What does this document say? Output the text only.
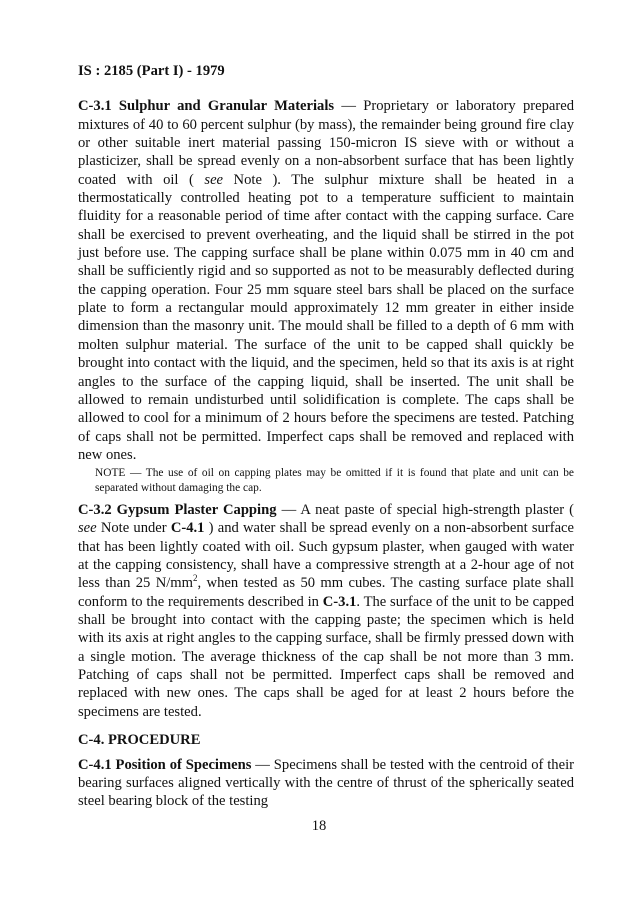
IS : 2185 (Part I) - 1979

C-3.1 Sulphur and Granular Materials — Proprietary or laboratory prepared mixtures of 40 to 60 percent sulphur (by mass), the remainder being ground fire clay or other suitable inert material passing 150-micron IS sieve with or without a plasticizer, shall be spread evenly on a non-absorbent surface that has been lightly coated with oil ( see Note ). The sulphur mixture shall be heated in a thermostatically controlled heating pot to a temperature sufficient to maintain fluidity for a reasonable period of time after contact with the capping surface. Care shall be exercised to prevent overheating, and the liquid shall be stirred in the pot just before use. The capping surface shall be plane within 0.075 mm in 40 cm and shall be sufficiently rigid and so supported as not to be measurably deflected during the capping operation. Four 25 mm square steel bars shall be placed on the surface plate to form a rectangular mould approximately 12 mm greater in either inside dimension than the masonry unit. The mould shall be filled to a depth of 6 mm with molten sulphur material. The surface of the unit to be capped shall quickly be brought into contact with the liquid, and the specimen, held so that its axis is at right angles to the surface of the capping liquid, shall be inserted. The unit shall be allowed to remain undisturbed until solidification is complete. The caps shall be allowed to cool for a minimum of 2 hours before the specimens are tested. Patching of caps shall not be permitted. Imperfect caps shall be removed and replaced with new ones.

NOTE — The use of oil on capping plates may be omitted if it is found that plate and unit can be separated without damaging the cap.

C-3.2 Gypsum Plaster Capping — A neat paste of special high-strength plaster ( see Note under C-4.1 ) and water shall be spread evenly on a non-absorbent surface that has been lightly coated with oil. Such gypsum plaster, when gauged with water at the capping consistency, shall have a compressive strength at a 2-hour age of not less than 25 $N/mm^2$, when tested as 50 mm cubes. The casting surface plate shall conform to the requirements described in C-3.1. The surface of the unit to be capped shall be brought into contact with the capping paste; the specimen which is held with its axis at right angles to the capping surface, shall be firmly pressed down with a single motion. The average thickness of the cap shall be not more than 3 mm. Patching of caps shall not be permitted. Imperfect caps shall be removed and replaced with new ones. The caps shall be aged for at least 2 hours before the specimens are tested.

C-4. PROCEDURE

C-4.1 Position of Specimens — Specimens shall be tested with the centroid of their bearing surfaces aligned vertically with the centre of thrust of the spherically seated steel bearing block of the testing

18
